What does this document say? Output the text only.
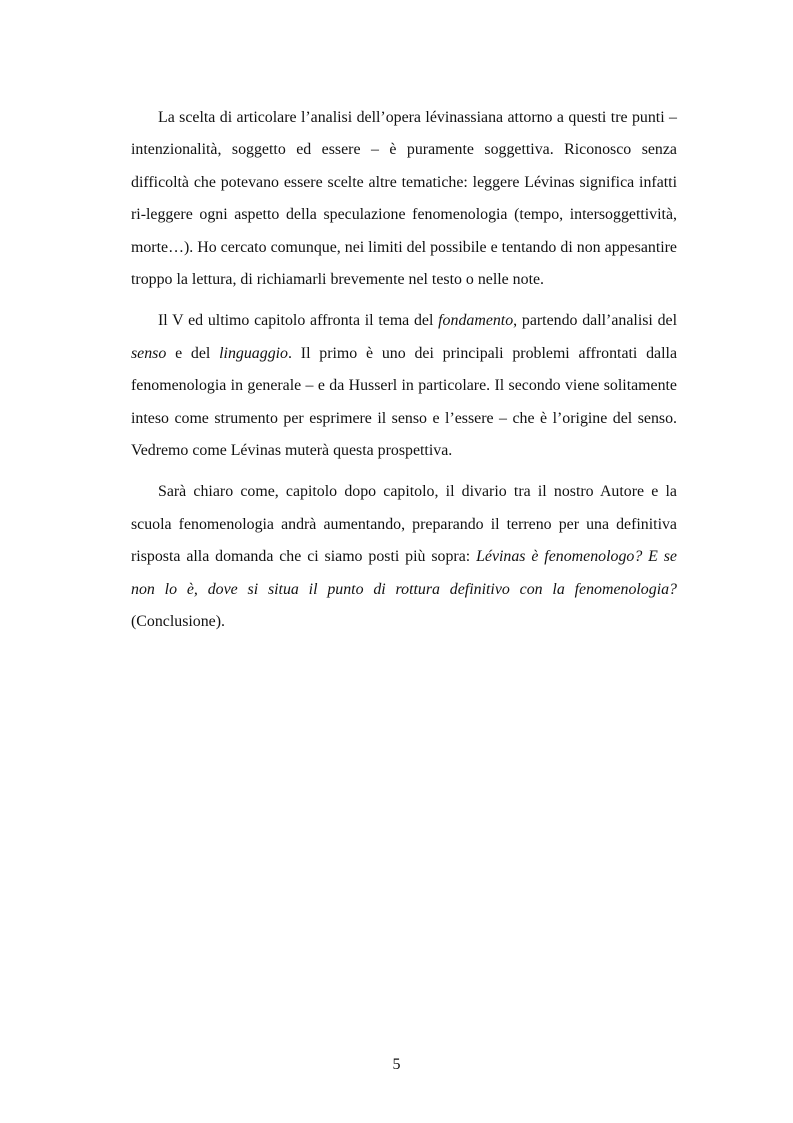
La scelta di articolare l’analisi dell’opera lévinassiana attorno a questi tre punti – intenzionalità, soggetto ed essere – è puramente soggettiva. Riconosco senza difficoltà che potevano essere scelte altre tematiche: leggere Lévinas significa infatti ri-leggere ogni aspetto della speculazione fenomenologia (tempo, intersoggettività, morte…). Ho cercato comunque, nei limiti del possibile e tentando di non appesantire troppo la lettura, di richiamarli brevemente nel testo o nelle note.

Il V ed ultimo capitolo affronta il tema del fondamento, partendo dall’analisi del senso e del linguaggio. Il primo è uno dei principali problemi affrontati dalla fenomenologia in generale – e da Husserl in particolare. Il secondo viene solitamente inteso come strumento per esprimere il senso e l’essere – che è l’origine del senso. Vedremo come Lévinas muterà questa prospettiva.

Sarà chiaro come, capitolo dopo capitolo, il divario tra il nostro Autore e la scuola fenomenologia andrà aumentando, preparando il terreno per una definitiva risposta alla domanda che ci siamo posti più sopra: Lévinas è fenomenologo? E se non lo è, dove si situa il punto di rottura definitivo con la fenomenologia? (Conclusione).

5
